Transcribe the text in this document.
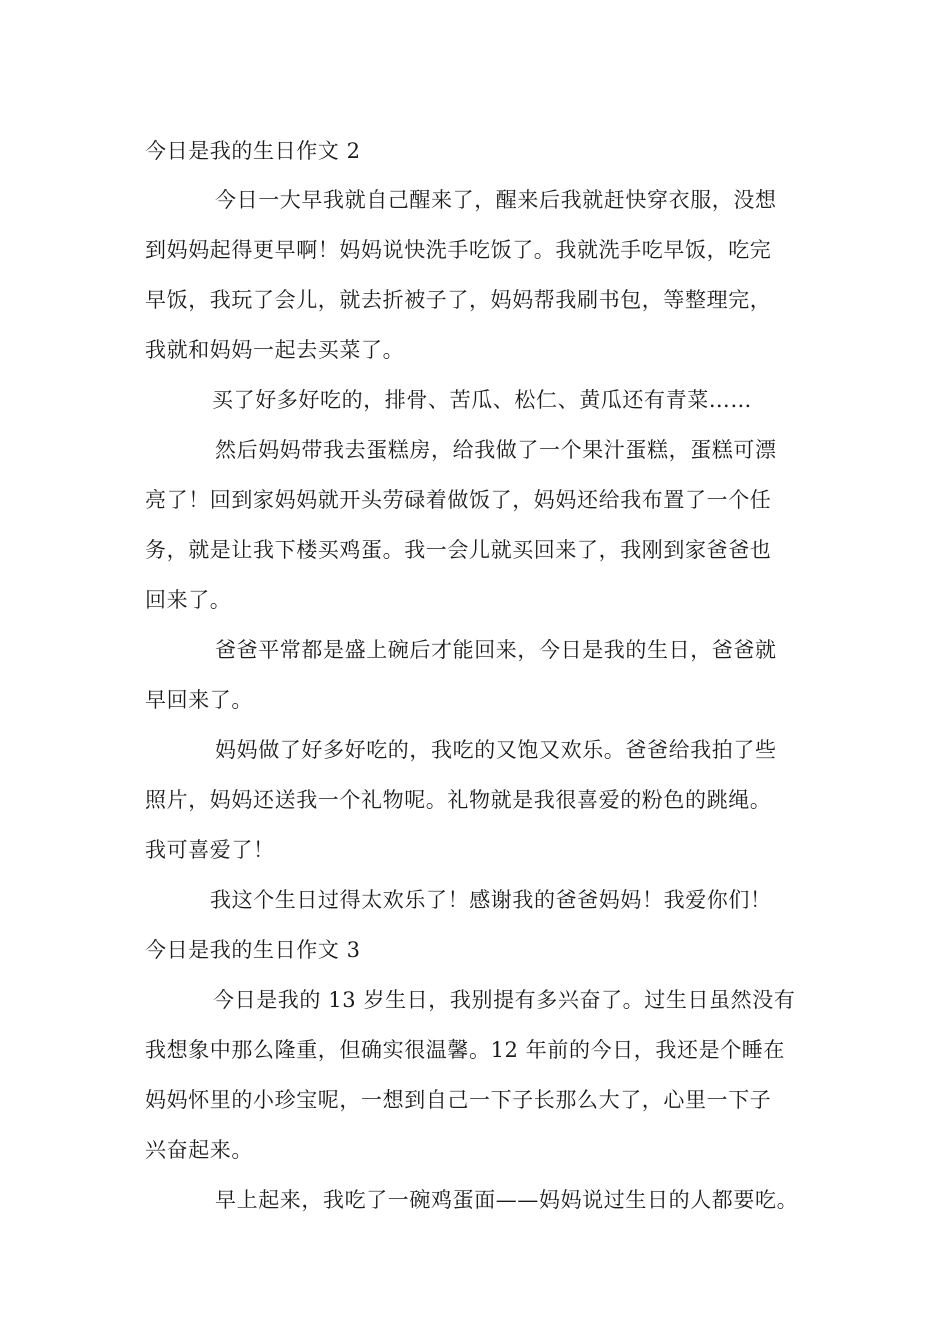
今日是我的生日作文 2
今日一大早我就自己醒来了，醒来后我就赶快穿衣服，没想
到妈妈起得更早啊！妈妈说快洗手吃饭了。我就洗手吃早饭，吃完
早饭，我玩了会儿，就去折被子了，妈妈帮我刷书包，等整理完，
我就和妈妈一起去买菜了。
买了好多好吃的，排骨、苦瓜、松仁、黄瓜还有青菜……
然后妈妈带我去蛋糕房，给我做了一个果汁蛋糕，蛋糕可漂
亮了！回到家妈妈就开头劳碌着做饭了，妈妈还给我布置了一个任
务，就是让我下楼买鸡蛋。我一会儿就买回来了，我刚到家爸爸也
回来了。
爸爸平常都是盛上碗后才能回来，今日是我的生日，爸爸就
早回来了。
妈妈做了好多好吃的，我吃的又饱又欢乐。爸爸给我拍了些
照片，妈妈还送我一个礼物呢。礼物就是我很喜爱的粉色的跳绳。
我可喜爱了！
我这个生日过得太欢乐了！感谢我的爸爸妈妈！我爱你们！
今日是我的生日作文 3
今日是我的 13 岁生日，我别提有多兴奋了。过生日虽然没有
我想象中那么隆重，但确实很温馨。12 年前的今日，我还是个睡在
妈妈怀里的小珍宝呢，一想到自己一下子长那么大了，心里一下子
兴奋起来。
早上起来，我吃了一碗鸡蛋面——妈妈说过生日的人都要吃。
